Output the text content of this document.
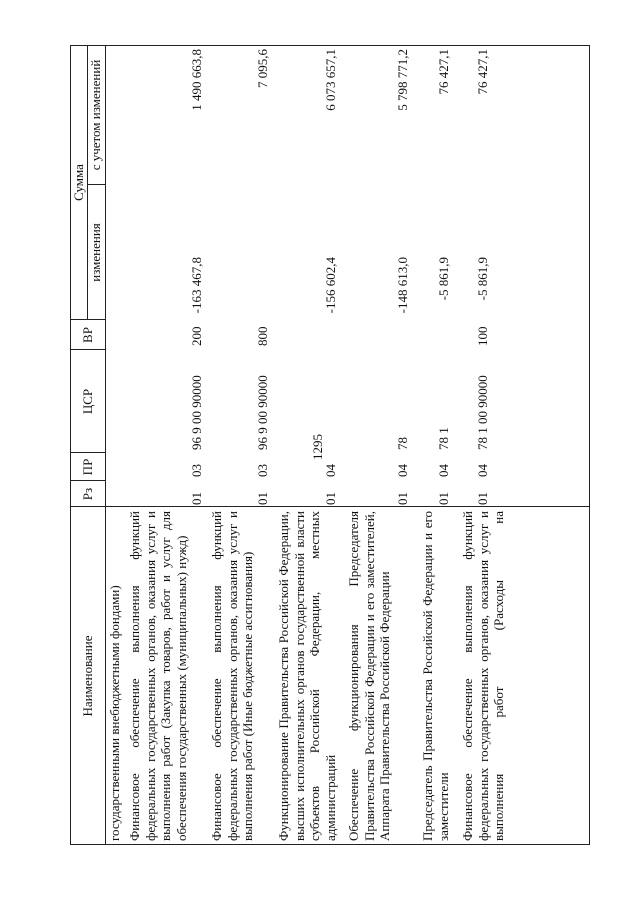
1295
Наименование
Рз
ПР
ЦСР
ВР
Сумма
изменения
с учетом изменений
государственными внебюджетными фондами) Финансовое обеспечение выполнения функций федеральных государственных органов, оказания услуг и выполнения работ (Закупка товаров, работ и услуг для обеспечения государственных (муниципальных) нужд)
01
03
96 9 00 90000
200
-163 467,8
1 490 663,8
Финансовое обеспечение выполнения функций федеральных государственных органов, оказания услуг и выполнения работ (Иные бюджетные ассигнования)
01
03
96 9 00 90000
800
7 095,6
Функционирование Правительства Российской Федерации, высших исполнительных органов государственной власти субъектов Российской Федерации, местных администраций
01
04
-156 602,4
6 073 657,1
Обеспечение функционирования Председателя Правительства Российской Федерации и его заместителей, Аппарата Правительства Российской Федерации
01
04
78
-148 613,0
5 798 771,2
Председатель Правительства Российской Федерации и его заместители
01
04
78 1
-5 861,9
76 427,1
Финансовое обеспечение выполнения функций федеральных государственных органов, оказания услуг и выполнения работ (Расходы на
01
04
78 1 00 90000
100
-5 861,9
76 427,1
